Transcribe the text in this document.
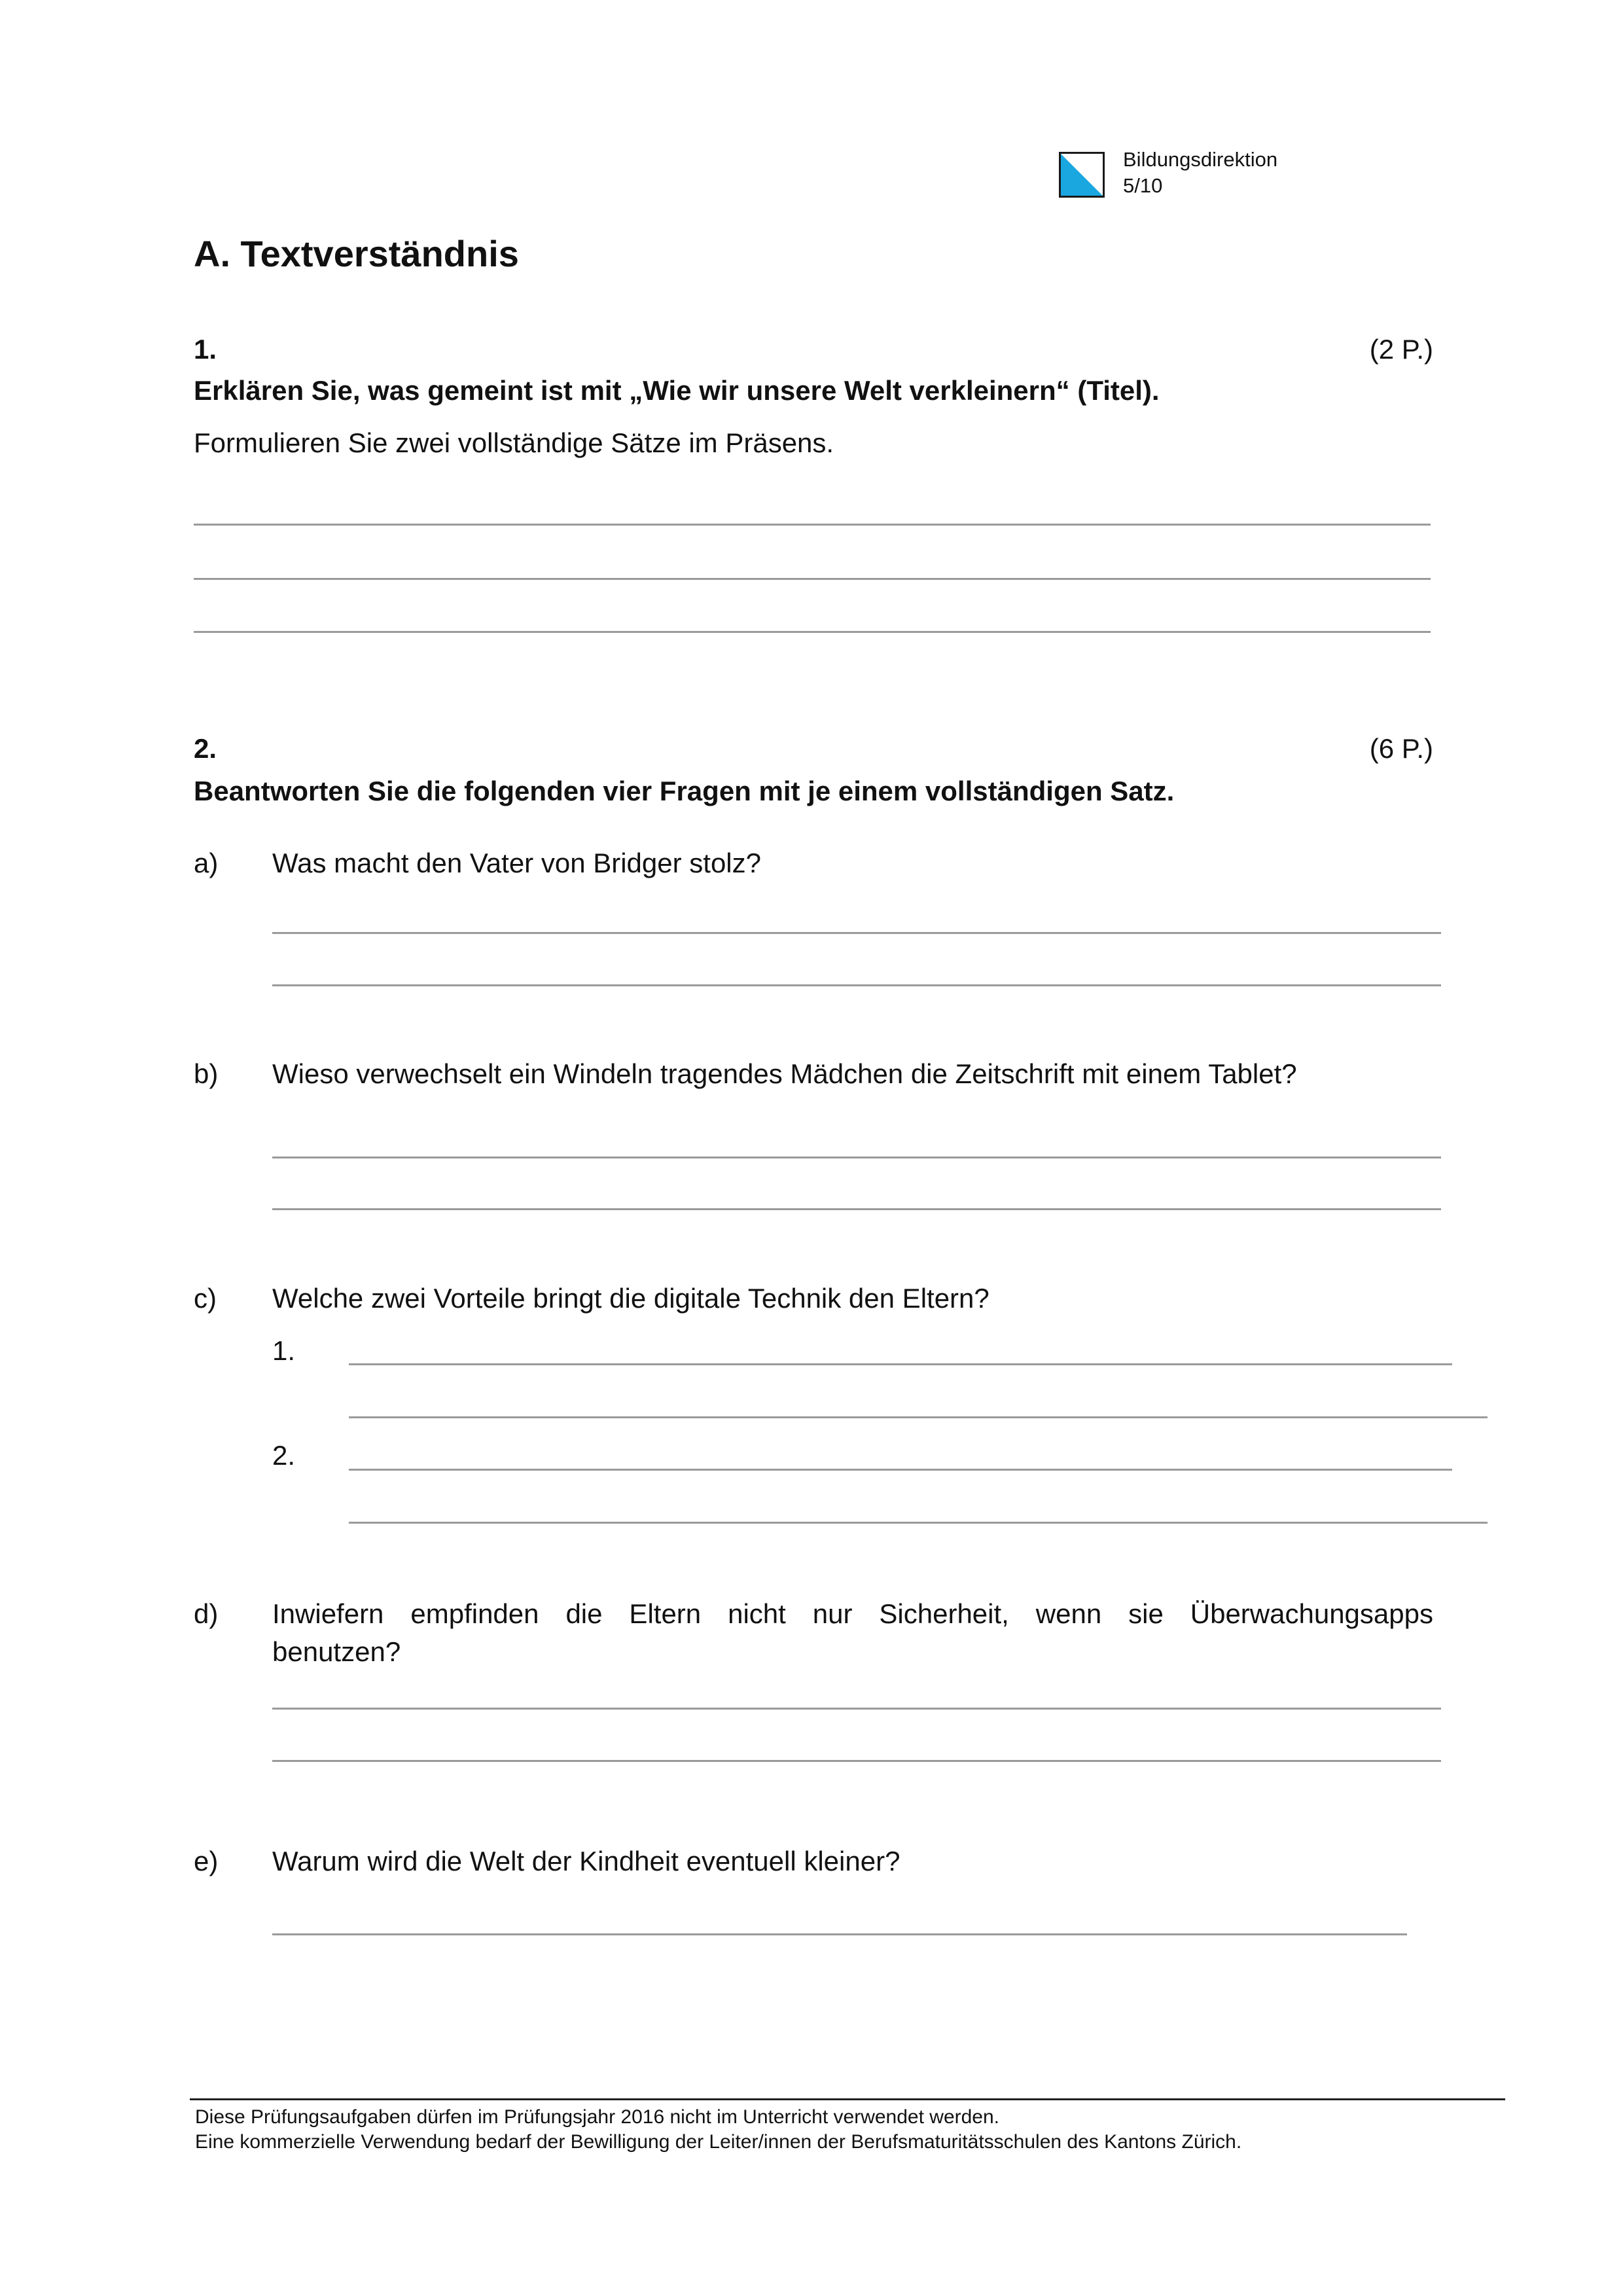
Bildungsdirektion
5/10
A. Textverständnis
1.	(2 P.)
Erklären Sie, was gemeint ist mit „Wie wir unsere Welt verkleinern“ (Titel).
Formulieren Sie zwei vollständige Sätze im Präsens.
2.	(6 P.)
Beantworten Sie die folgenden vier Fragen mit je einem vollständigen Satz.
a) Was macht den Vater von Bridger stolz?
b) Wieso verwechselt ein Windeln tragendes Mädchen die Zeitschrift mit einem Tablet?
c) Welche zwei Vorteile bringt die digitale Technik den Eltern?
1.
2.
d) Inwiefern empfinden die Eltern nicht nur Sicherheit, wenn sie Überwachungsapps
benutzen?
e) Warum wird die Welt der Kindheit eventuell kleiner?
Diese Prüfungsaufgaben dürfen im Prüfungsjahr 2016 nicht im Unterricht verwendet werden.
Eine kommerzielle Verwendung bedarf der Bewilligung der Leiter/innen der Berufsmaturitätsschulen des Kantons Zürich.
